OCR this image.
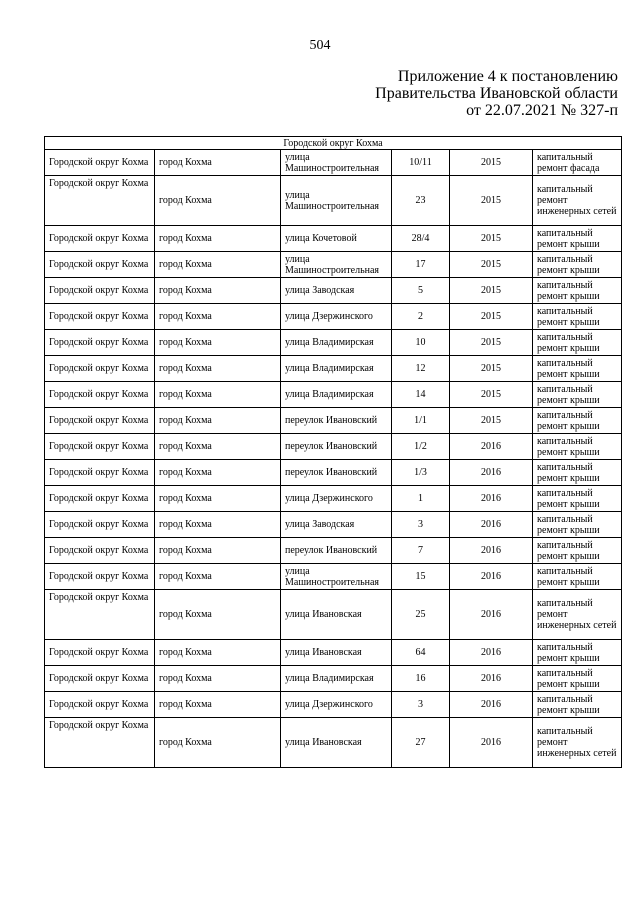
504
Приложение 4 к постановлению
Правительства Ивановской области
от 22.07.2021 № 327-п
Городской округ Кохма					
Городской округ Кохма	город Кохма	улица Машиностроительная	10/11	2015	капитальный ремонт фасада
Городской округ Кохма	город Кохма	улица Машиностроительная	23	2015	капитальный ремонт инженерных сетей
Городской округ Кохма	город Кохма	улица Кочетовой	28/4	2015	капитальный ремонт крыши
Городской округ Кохма	город Кохма	улица Машиностроительная	17	2015	капитальный ремонт крыши
Городской округ Кохма	город Кохма	улица Заводская	5	2015	капитальный ремонт крыши
Городской округ Кохма	город Кохма	улица Дзержинского	2	2015	капитальный ремонт крыши
Городской округ Кохма	город Кохма	улица Владимирская	10	2015	капитальный ремонт крыши
Городской округ Кохма	город Кохма	улица Владимирская	12	2015	капитальный ремонт крыши
Городской округ Кохма	город Кохма	улица Владимирская	14	2015	капитальный ремонт крыши
Городской округ Кохма	город Кохма	переулок Ивановский	1/1	2015	капитальный ремонт крыши
Городской округ Кохма	город Кохма	переулок Ивановский	1/2	2016	капитальный ремонт крыши
Городской округ Кохма	город Кохма	переулок Ивановский	1/3	2016	капитальный ремонт крыши
Городской округ Кохма	город Кохма	улица Дзержинского	1	2016	капитальный ремонт крыши
Городской округ Кохма	город Кохма	улица Заводская	3	2016	капитальный ремонт крыши
Городской округ Кохма	город Кохма	переулок Ивановский	7	2016	капитальный ремонт крыши
Городской округ Кохма	город Кохма	улица Машиностроительная	15	2016	капитальный ремонт крыши
Городской округ Кохма	город Кохма	улица Ивановская	25	2016	капитальный ремонт инженерных сетей
Городской округ Кохма	город Кохма	улица Ивановская	64	2016	капитальный ремонт крыши
Городской округ Кохма	город Кохма	улица Владимирская	16	2016	капитальный ремонт крыши
Городской округ Кохма	город Кохма	улица Дзержинского	3	2016	капитальный ремонт крыши
Городской округ Кохма	город Кохма	улица Ивановская	27	2016	капитальный ремонт инженерных сетей
